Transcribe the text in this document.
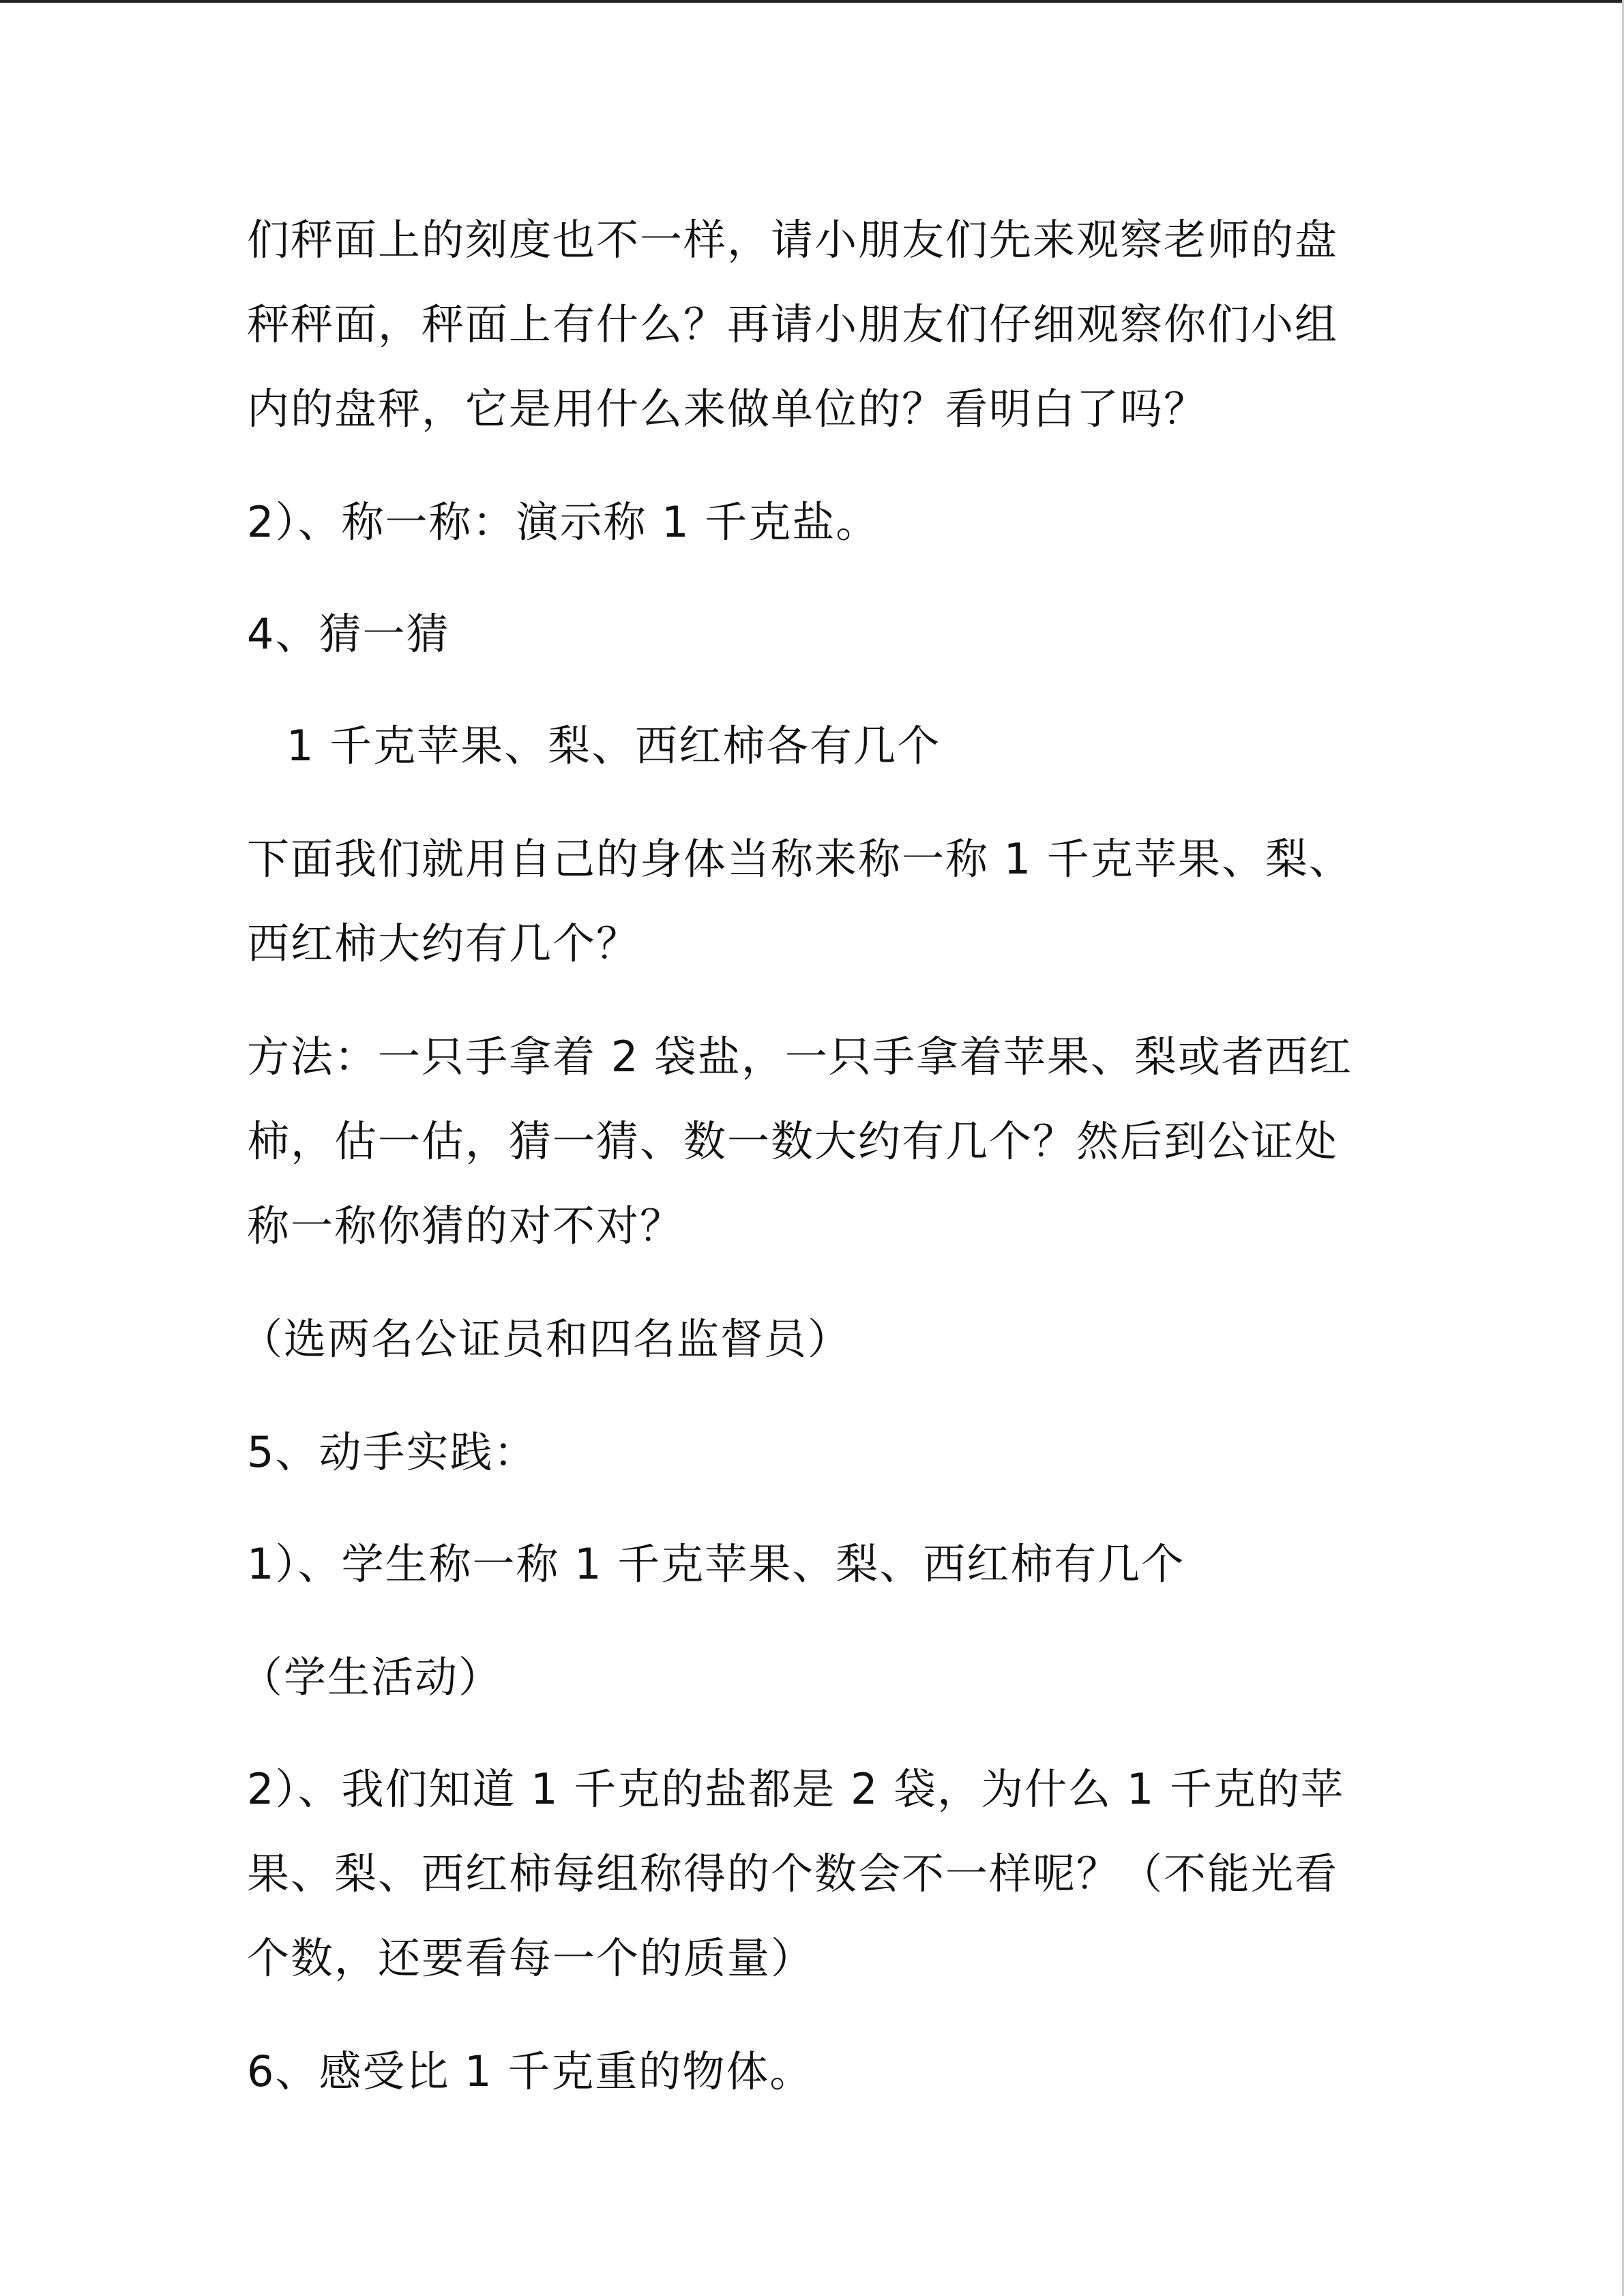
们秤面上的刻度也不一样，请小朋友们先来观察老师的盘
秤秤面，秤面上有什么？再请小朋友们仔细观察你们小组
内的盘秤，它是用什么来做单位的？看明白了吗？
2）、称一称：演示称 1 千克盐。
4、猜一猜
1 千克苹果、梨、西红柿各有几个
下面我们就用自己的身体当称来称一称 1 千克苹果、梨、
西红柿大约有几个？
方法：一只手拿着 2 袋盐，一只手拿着苹果、梨或者西红
柿，估一估，猜一猜、数一数大约有几个？然后到公证处
称一称你猜的对不对？
（选两名公证员和四名监督员）
5、动手实践：
1）、学生称一称 1 千克苹果、梨、西红柿有几个
（学生活动）
2）、我们知道 1 千克的盐都是 2 袋，为什么 1 千克的苹
果、梨、西红柿每组称得的个数会不一样呢？（不能光看
个数，还要看每一个的质量）
6、感受比 1 千克重的物体。
